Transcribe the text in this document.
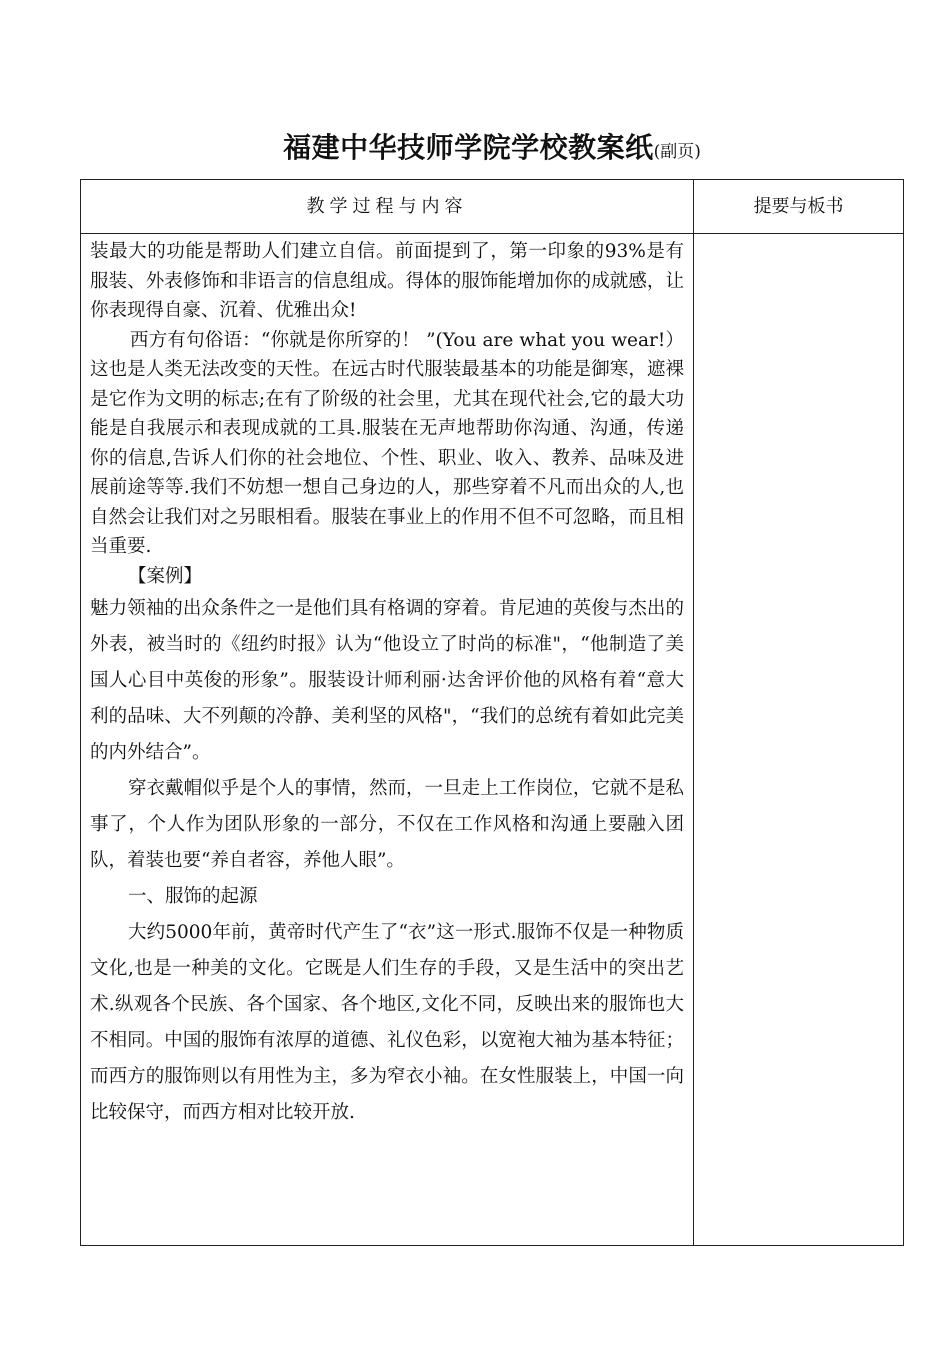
福建中华技师学院学校教案纸(副页)
教学过程与内容	提要与板书

装最大的功能是帮助人们建立自信。前面提到了，第一印象的93%是有服装、外表修饰和非语言的信息组成。得体的服饰能增加你的成就感，让你表现得自豪、沉着、优雅出众!

西方有句俗语：“你就是你所穿的！ ”(You are what you wear!）这也是人类无法改变的天性。在远古时代服装最基本的功能是御寒，遮裸是它作为文明的标志;在有了阶级的社会里，尤其在现代社会,它的最大功能是自我展示和表现成就的工具.服装在无声地帮助你沟通、沟通，传递你的信息,告诉人们你的社会地位、个性、职业、收入、教养、品味及进展前途等等.我们不妨想一想自己身边的人，那些穿着不凡而出众的人,也自然会让我们对之另眼相看。服装在事业上的作用不但不可忽略，而且相当重要.

【案例】

魅力领袖的出众条件之一是他们具有格调的穿着。肯尼迪的英俊与杰出的外表，被当时的《纽约时报》认为“他设立了时尚的标准"，“他制造了美国人心目中英俊的形象”。服装设计师利丽·达舍评价他的风格有着“意大利的品味、大不列颠的冷静、美利坚的风格"，“我们的总统有着如此完美的内外结合”。

穿衣戴帽似乎是个人的事情，然而，一旦走上工作岗位，它就不是私事了，个人作为团队形象的一部分，不仅在工作风格和沟通上要融入团队，着装也要“养自者容，养他人眼”。

一、服饰的起源

大约5000年前，黄帝时代产生了“衣”这一形式.服饰不仅是一种物质文化,也是一种美的文化。它既是人们生存的手段，又是生活中的突出艺术.纵观各个民族、各个国家、各个地区,文化不同，反映出来的服饰也大不相同。中国的服饰有浓厚的道德、礼仪色彩，以宽袍大袖为基本特征；而西方的服饰则以有用性为主，多为窄衣小袖。在女性服装上，中国一向比较保守，而西方相对比较开放.
